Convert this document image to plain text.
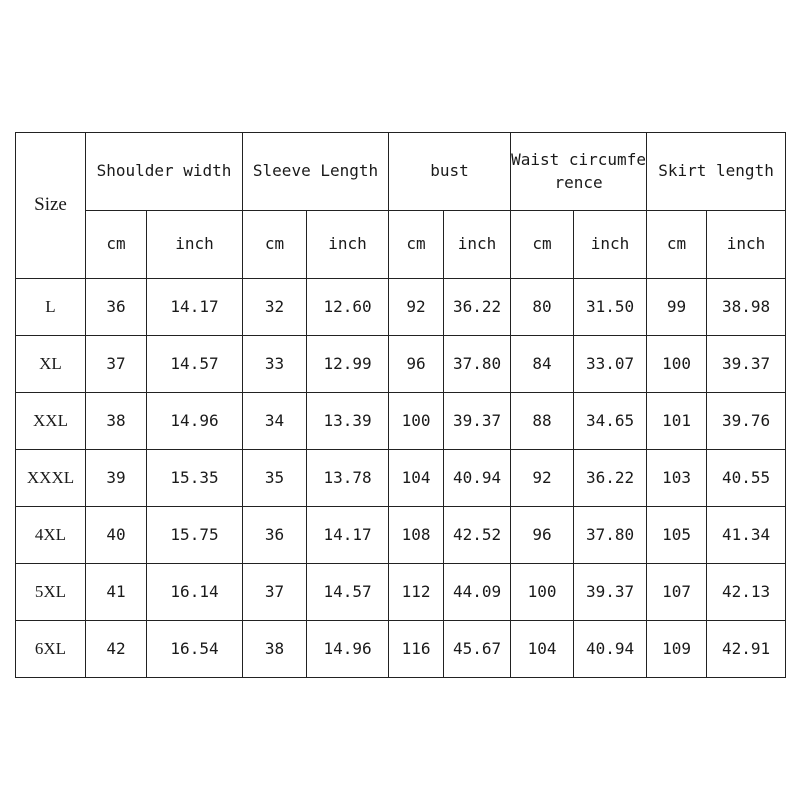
Size	Shoulder width		Sleeve Length		bust		Waist circumference		Skirt length	
	cm	inch	cm	inch	cm	inch	cm	inch	cm	inch
L	36	14.17	32	12.60	92	36.22	80	31.50	99	38.98
XL	37	14.57	33	12.99	96	37.80	84	33.07	100	39.37
XXL	38	14.96	34	13.39	100	39.37	88	34.65	101	39.76
XXXL	39	15.35	35	13.78	104	40.94	92	36.22	103	40.55
4XL	40	15.75	36	14.17	108	42.52	96	37.80	105	41.34
5XL	41	16.14	37	14.57	112	44.09	100	39.37	107	42.13
6XL	42	16.54	38	14.96	116	45.67	104	40.94	109	42.91
